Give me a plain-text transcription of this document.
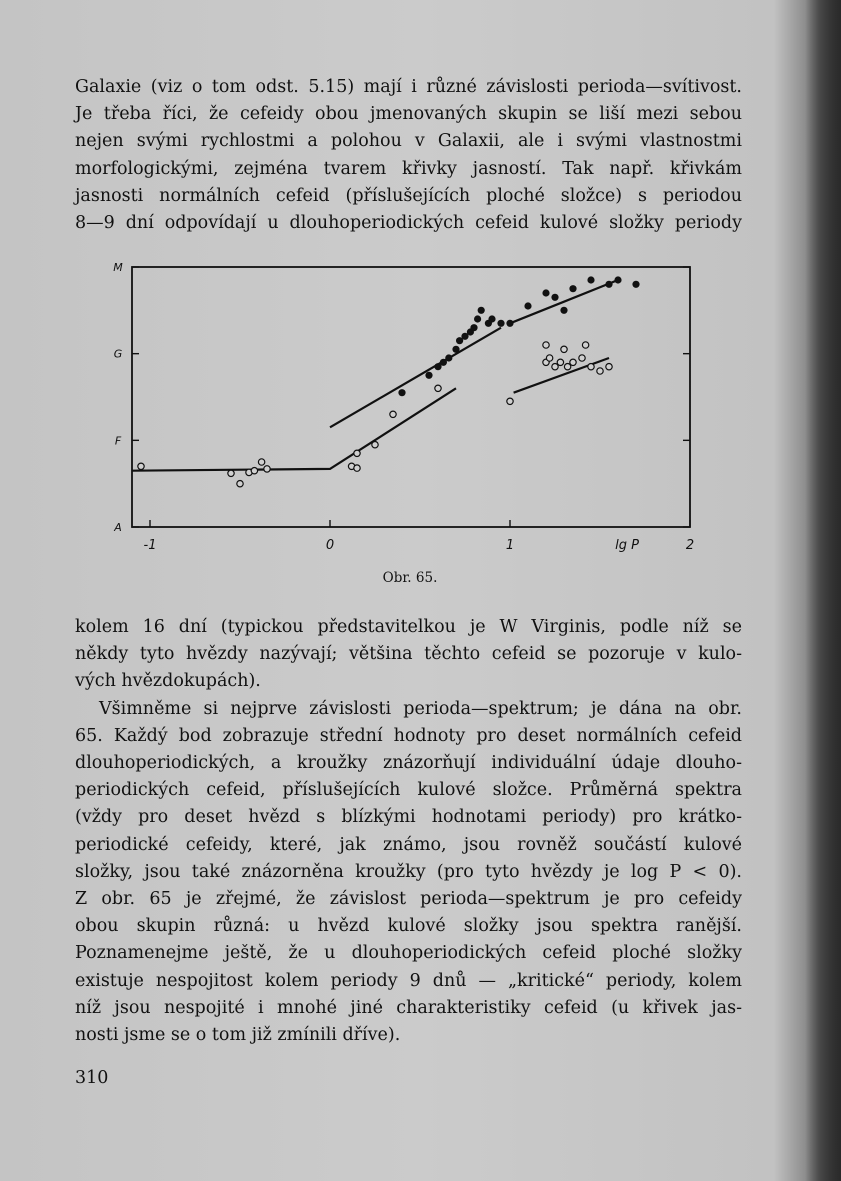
Galaxie (viz o tom odst. 5.15) mají i různé závislosti perioda—svítivost.
Je třeba říci, že cefeidy obou jmenovaných skupin se liší mezi sebou
nejen svými rychlostmi a polohou v Galaxii, ale i svými vlastnostmi
morfologickými, zejména tvarem křivky jasností. Tak např. křivkám
jasnosti normálních cefeid (příslušejících ploché složce) s periodou
8—9 dní odpovídají u dlouhoperiodických cefeid kulové složky periody
-1	0	1	2
lg P
A
F
G
M
Obr. 65.
kolem 16 dní (typickou představitelkou je W Virginis, podle níž se
někdy tyto hvězdy nazývají; většina těchto cefeid se pozoruje v kulo-
vých hvězdokupách).
Všimněme si nejprve závislosti perioda—spektrum; je dána na obr.
65. Každý bod zobrazuje střední hodnoty pro deset normálních cefeid
dlouhoperiodických, a kroužky znázorňují individuální údaje dlouho-
periodických cefeid, příslušejících kulové složce. Průměrná spektra
(vždy pro deset hvězd s blízkými hodnotami periody) pro krátko-
periodické cefeidy, které, jak známo, jsou rovněž součástí kulové
složky, jsou také znázorněna kroužky (pro tyto hvězdy je log P < 0).
Z obr. 65 je zřejmé, že závislost perioda—spektrum je pro cefeidy
obou skupin různá: u hvězd kulové složky jsou spektra ranější.
Poznamenejme ještě, že u dlouhoperiodických cefeid ploché složky
existuje nespojitost kolem periody 9 dnů — „kritické“ periody, kolem
níž jsou nespojité i mnohé jiné charakteristiky cefeid (u křivek jas-
nosti jsme se o tom již zmínili dříve).
310
